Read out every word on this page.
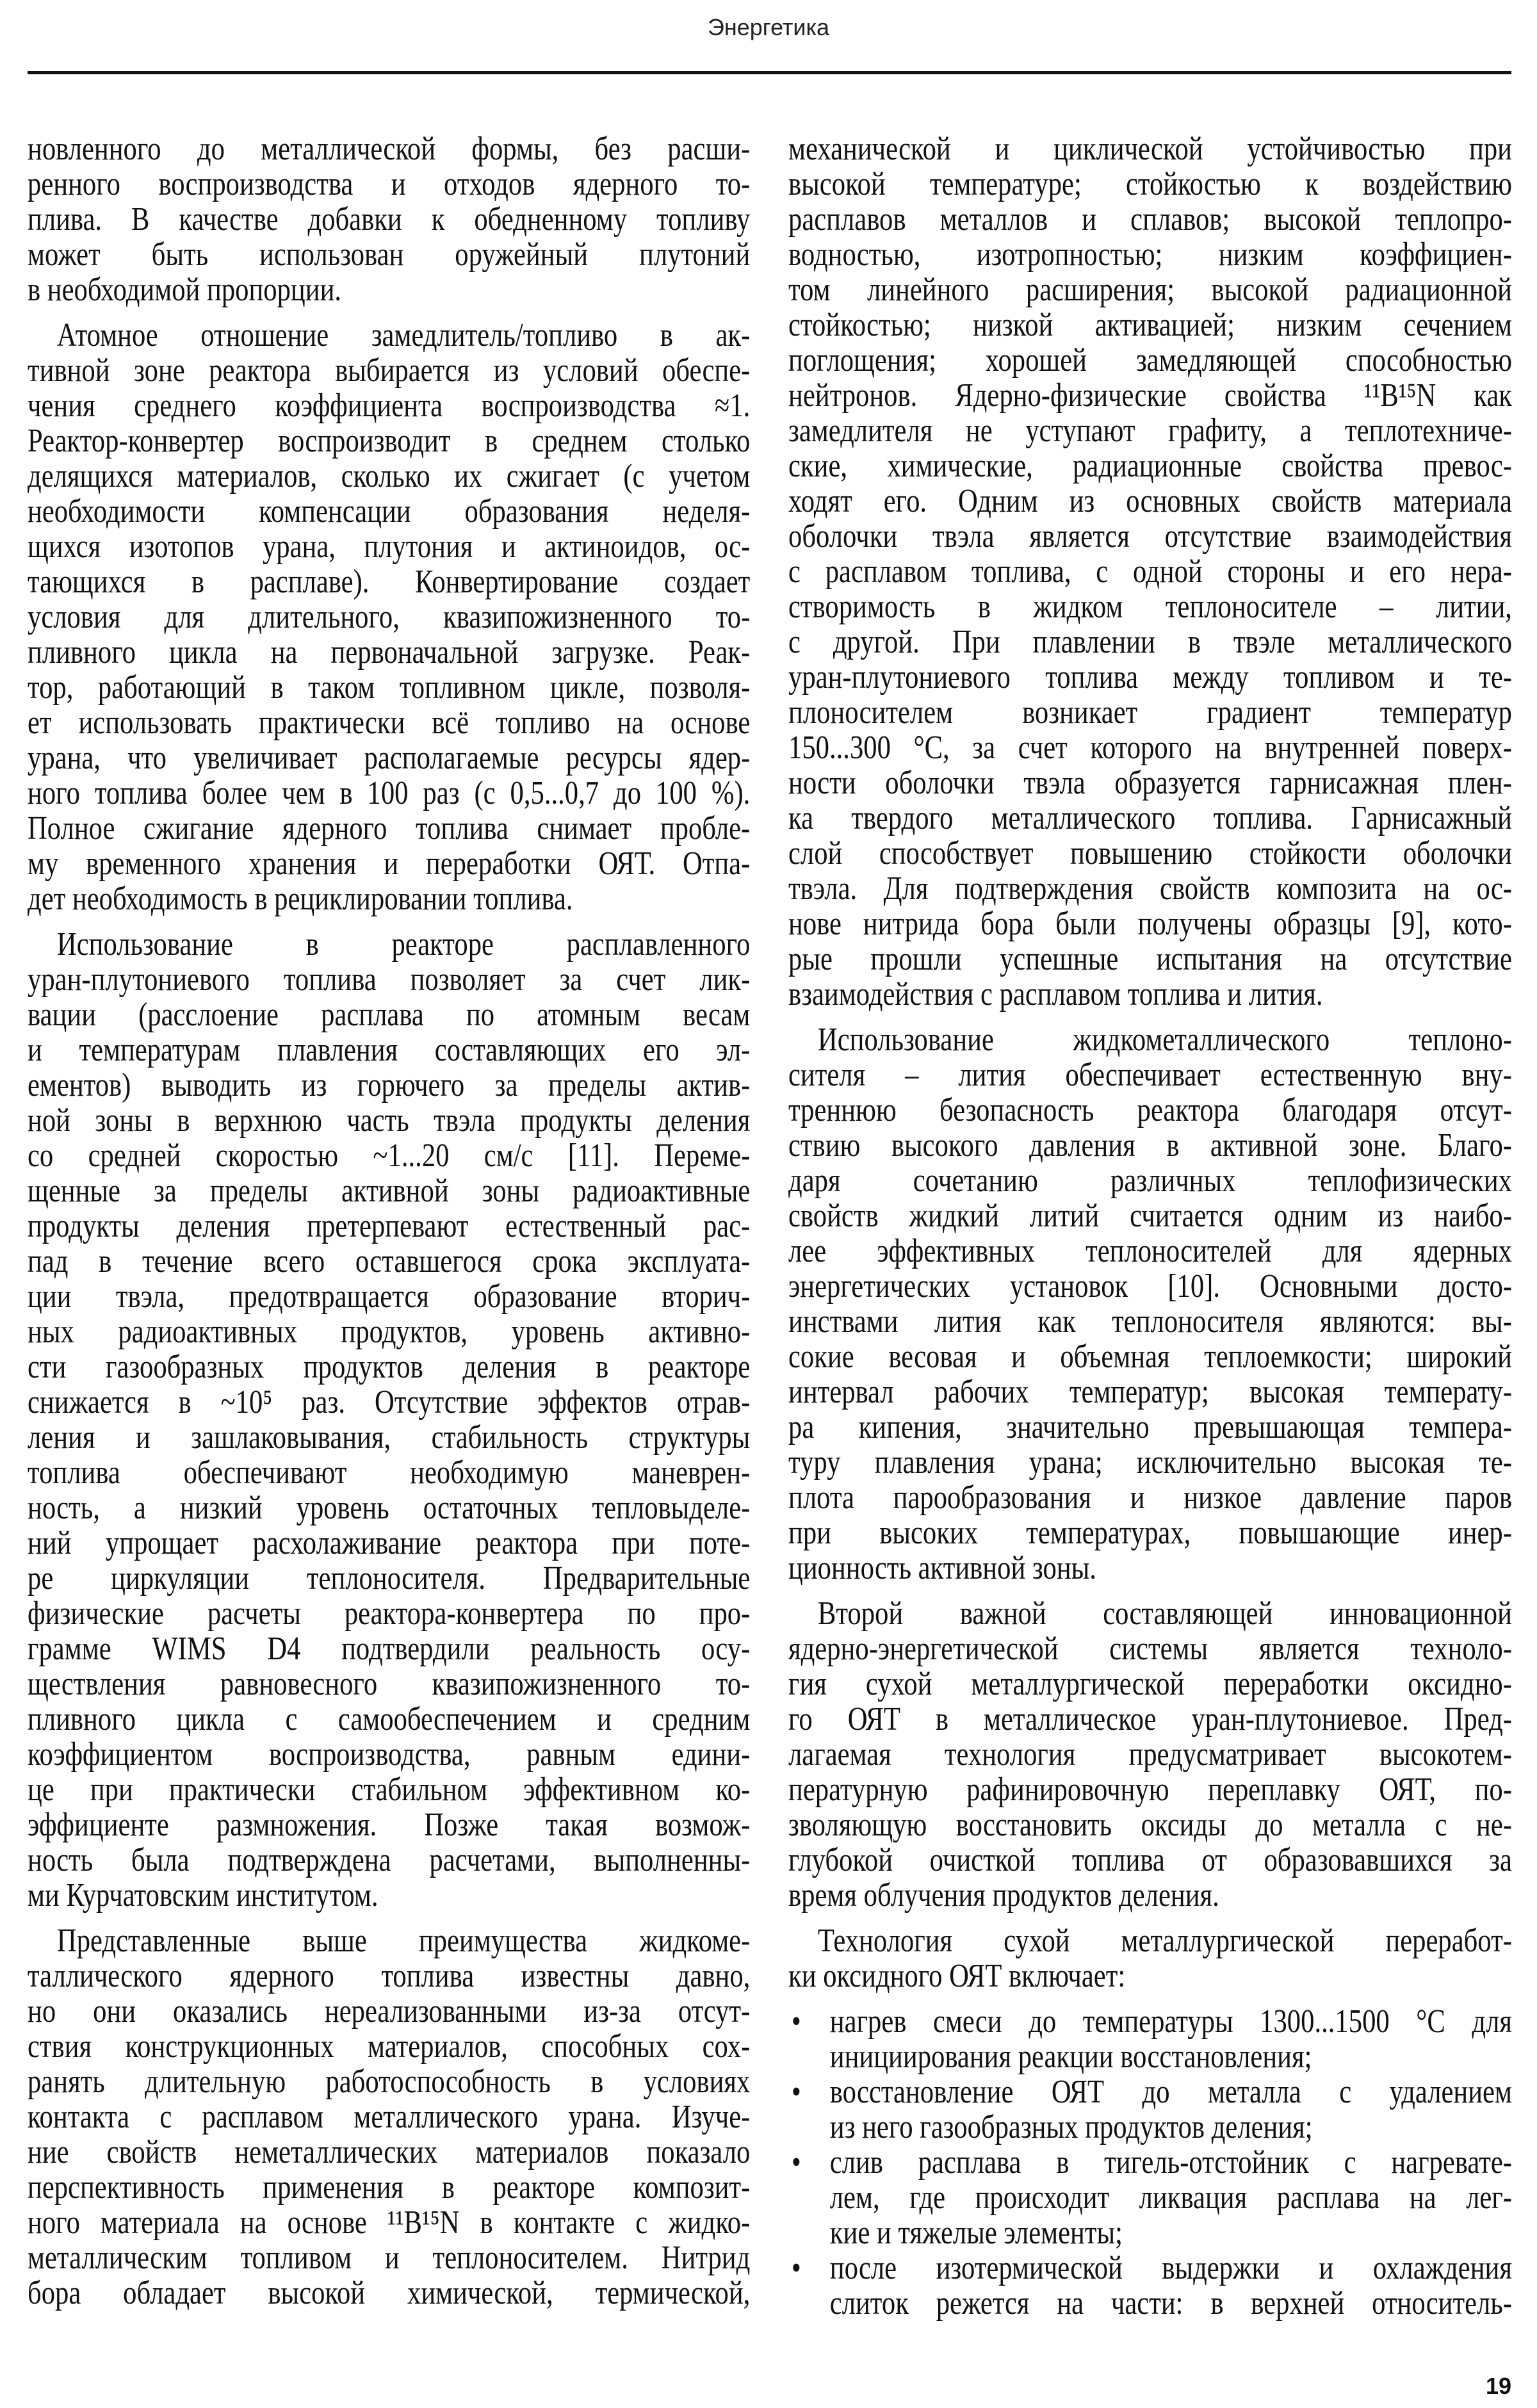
Энергетика
новленного до металлической формы, без расши-
ренного воспроизводства и отходов ядерного то-
плива. В качестве добавки к обедненному топливу
может быть использован оружейный плутоний
в необходимой пропорции.
Атомное отношение замедлитель/топливо в ак-
тивной зоне реактора выбирается из условий обеспе-
чения среднего коэффициента воспроизводства ≈1.
Реактор-конвертер воспроизводит в среднем столько
делящихся материалов, сколько их сжигает (с учетом
необходимости компенсации образования неделя-
щихся изотопов урана, плутония и актиноидов, ос-
тающихся в расплаве). Конвертирование создает
условия для длительного, квазипожизненного то-
пливного цикла на первоначальной загрузке. Реак-
тор, работающий в таком топливном цикле, позволя-
ет использовать практически всё топливо на основе
урана, что увеличивает располагаемые ресурсы ядер-
ного топлива более чем в 100 раз (с 0,5...0,7 до 100 %).
Полное сжигание ядерного топлива снимает пробле-
му временного хранения и переработки ОЯТ. Отпа-
дет необходимость в рециклировании топлива.
Использование в реакторе расплавленного
уран-плутониевого топлива позволяет за счет лик-
вации (расслоение расплава по атомным весам
и температурам плавления составляющих его эл-
ементов) выводить из горючего за пределы актив-
ной зоны в верхнюю часть твэла продукты деления
со средней скоростью ~1...20 см/с [11]. Переме-
щенные за пределы активной зоны радиоактивные
продукты деления претерпевают естественный рас-
пад в течение всего оставшегося срока эксплуата-
ции твэла, предотвращается образование вторич-
ных радиоактивных продуктов, уровень активно-
сти газообразных продуктов деления в реакторе
снижается в ~10⁵ раз. Отсутствие эффектов отрав-
ления и зашлаковывания, стабильность структуры
топлива обеспечивают необходимую маневрен-
ность, а низкий уровень остаточных тепловыделе-
ний упрощает расхолаживание реактора при поте-
ре циркуляции теплоносителя. Предварительные
физические расчеты реактора-конвертера по про-
грамме WIMS D4 подтвердили реальность осу-
ществления равновесного квазипожизненного то-
пливного цикла с самообеспечением и средним
коэффициентом воспроизводства, равным едини-
це при практически стабильном эффективном ко-
эффициенте размножения. Позже такая возмож-
ность была подтверждена расчетами, выполненны-
ми Курчатовским институтом.
Представленные выше преимущества жидкоме-
таллического ядерного топлива известны давно,
но они оказались нереализованными из-за отсут-
ствия конструкционных материалов, способных сох-
ранять длительную работоспособность в условиях
контакта с расплавом металлического урана. Изуче-
ние свойств неметаллических материалов показало
перспективность применения в реакторе композит-
ного материала на основе ¹¹B¹⁵N в контакте с жидко-
металлическим топливом и теплоносителем. Нитрид
бора обладает высокой химической, термической,
механической и циклической устойчивостью при
высокой температуре; стойкостью к воздействию
расплавов металлов и сплавов; высокой теплопро-
водностью, изотропностью; низким коэффициен-
том линейного расширения; высокой радиационной
стойкостью; низкой активацией; низким сечением
поглощения; хорошей замедляющей способностью
нейтронов. Ядерно-физические свойства ¹¹B¹⁵N как
замедлителя не уступают графиту, а теплотехниче-
ские, химические, радиационные свойства превос-
ходят его. Одним из основных свойств материала
оболочки твэла является отсутствие взаимодействия
с расплавом топлива, с одной стороны и его нера-
створимость в жидком теплоносителе – литии,
с другой. При плавлении в твэле металлического
уран-плутониевого топлива между топливом и те-
плоносителем возникает градиент температур
150...300 °С, за счет которого на внутренней поверх-
ности оболочки твэла образуется гарнисажная плен-
ка твердого металлического топлива. Гарнисажный
слой способствует повышению стойкости оболочки
твэла. Для подтверждения свойств композита на ос-
нове нитрида бора были получены образцы [9], кото-
рые прошли успешные испытания на отсутствие
взаимодействия с расплавом топлива и лития.
Использование жидкометаллического теплоно-
сителя – лития обеспечивает естественную вну-
треннюю безопасность реактора благодаря отсут-
ствию высокого давления в активной зоне. Благо-
даря сочетанию различных теплофизических
свойств жидкий литий считается одним из наибо-
лее эффективных теплоносителей для ядерных
энергетических установок [10]. Основными досто-
инствами лития как теплоносителя являются: вы-
сокие весовая и объемная теплоемкости; широкий
интервал рабочих температур; высокая температу-
ра кипения, значительно превышающая темпера-
туру плавления урана; исключительно высокая те-
плота парообразования и низкое давление паров
при высоких температурах, повышающие инер-
ционность активной зоны.
Второй важной составляющей инновационной
ядерно-энергетической системы является техноло-
гия сухой металлургической переработки оксидно-
го ОЯТ в металлическое уран-плутониевое. Пред-
лагаемая технология предусматривает высокотем-
пературную рафинировочную переплавку ОЯТ, по-
зволяющую восстановить оксиды до металла с не-
глубокой очисткой топлива от образовавшихся за
время облучения продуктов деления.
Технология сухой металлургической переработ-
ки оксидного ОЯТ включает:
• нагрев смеси до температуры 1300...1500 °С для
инициирования реакции восстановления;
• восстановление ОЯТ до металла с удалением
из него газообразных продуктов деления;
• слив расплава в тигель-отстойник с нагревате-
лем, где происходит ликвация расплава на лег-
кие и тяжелые элементы;
• после изотермической выдержки и охлаждения
слиток режется на части: в верхней относитель-
19
